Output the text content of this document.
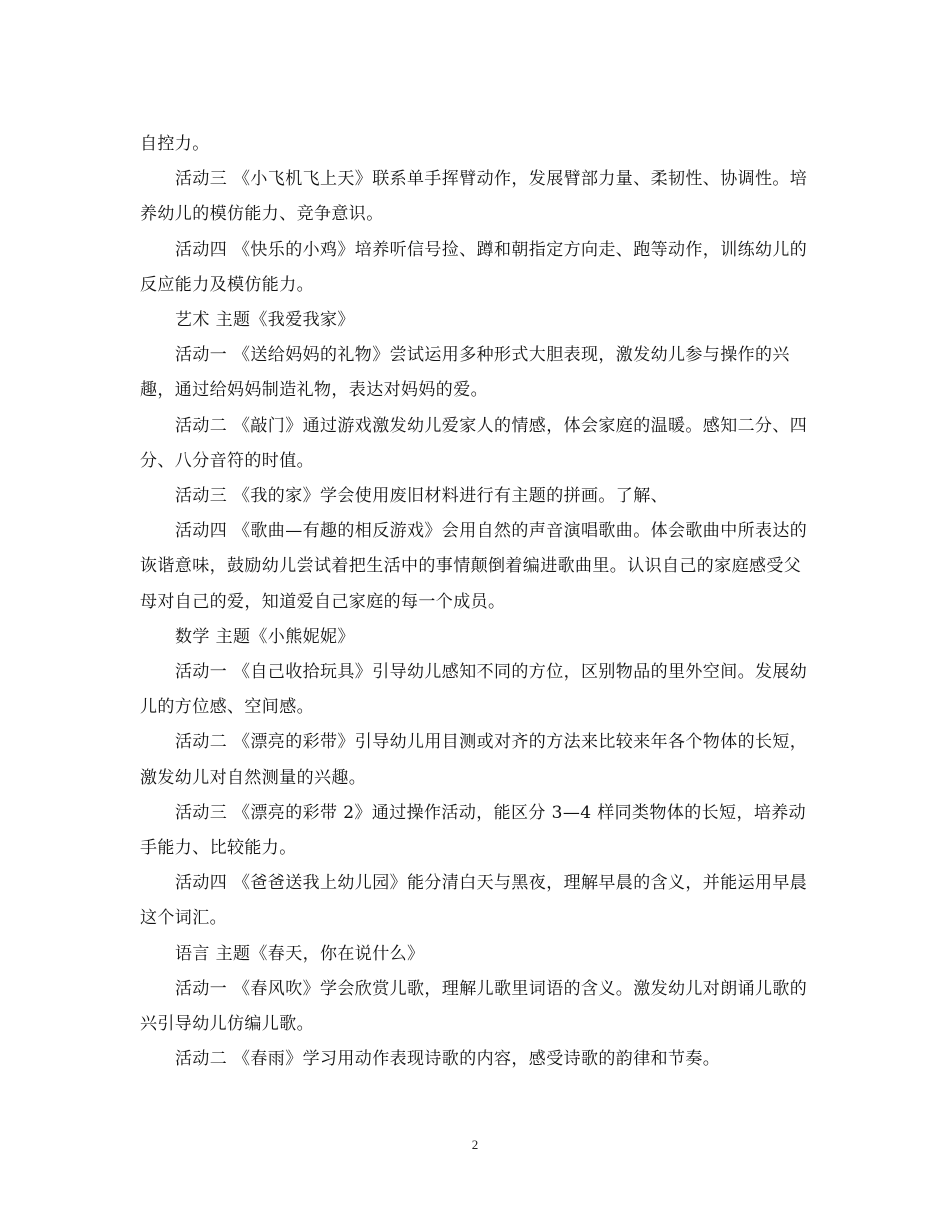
自控力。

活动三 《小飞机飞上天》联系单手挥臂动作，发展臂部力量、柔韧性、协调性。培养幼儿的模仿能力、竞争意识。

活动四 《快乐的小鸡》培养听信号捡、蹲和朝指定方向走、跑等动作，训练幼儿的反应能力及模仿能力。

艺术 主题《我爱我家》

活动一 《送给妈妈的礼物》尝试运用多种形式大胆表现，激发幼儿参与操作的兴趣，通过给妈妈制造礼物，表达对妈妈的爱。

活动二 《敲门》通过游戏激发幼儿爱家人的情感，体会家庭的温暖。感知二分、四分、八分音符的时值。

活动三 《我的家》学会使用废旧材料进行有主题的拼画。了解、

活动四 《歌曲—有趣的相反游戏》会用自然的声音演唱歌曲。体会歌曲中所表达的诙谐意味，鼓励幼儿尝试着把生活中的事情颠倒着编进歌曲里。认识自己的家庭感受父母对自己的爱，知道爱自己家庭的每一个成员。

数学 主题《小熊妮妮》

活动一 《自己收拾玩具》引导幼儿感知不同的方位，区别物品的里外空间。发展幼儿的方位感、空间感。

活动二 《漂亮的彩带》引导幼儿用目测或对齐的方法来比较来年各个物体的长短，激发幼儿对自然测量的兴趣。

活动三 《漂亮的彩带 2》通过操作活动，能区分 3—4 样同类物体的长短，培养动手能力、比较能力。

活动四 《爸爸送我上幼儿园》能分清白天与黑夜，理解早晨的含义，并能运用早晨这个词汇。

语言 主题《春天，你在说什么》

活动一 《春风吹》学会欣赏儿歌，理解儿歌里词语的含义。激发幼儿对朗诵儿歌的兴引导幼儿仿编儿歌。

活动二 《春雨》学习用动作表现诗歌的内容，感受诗歌的韵律和节奏。

2
